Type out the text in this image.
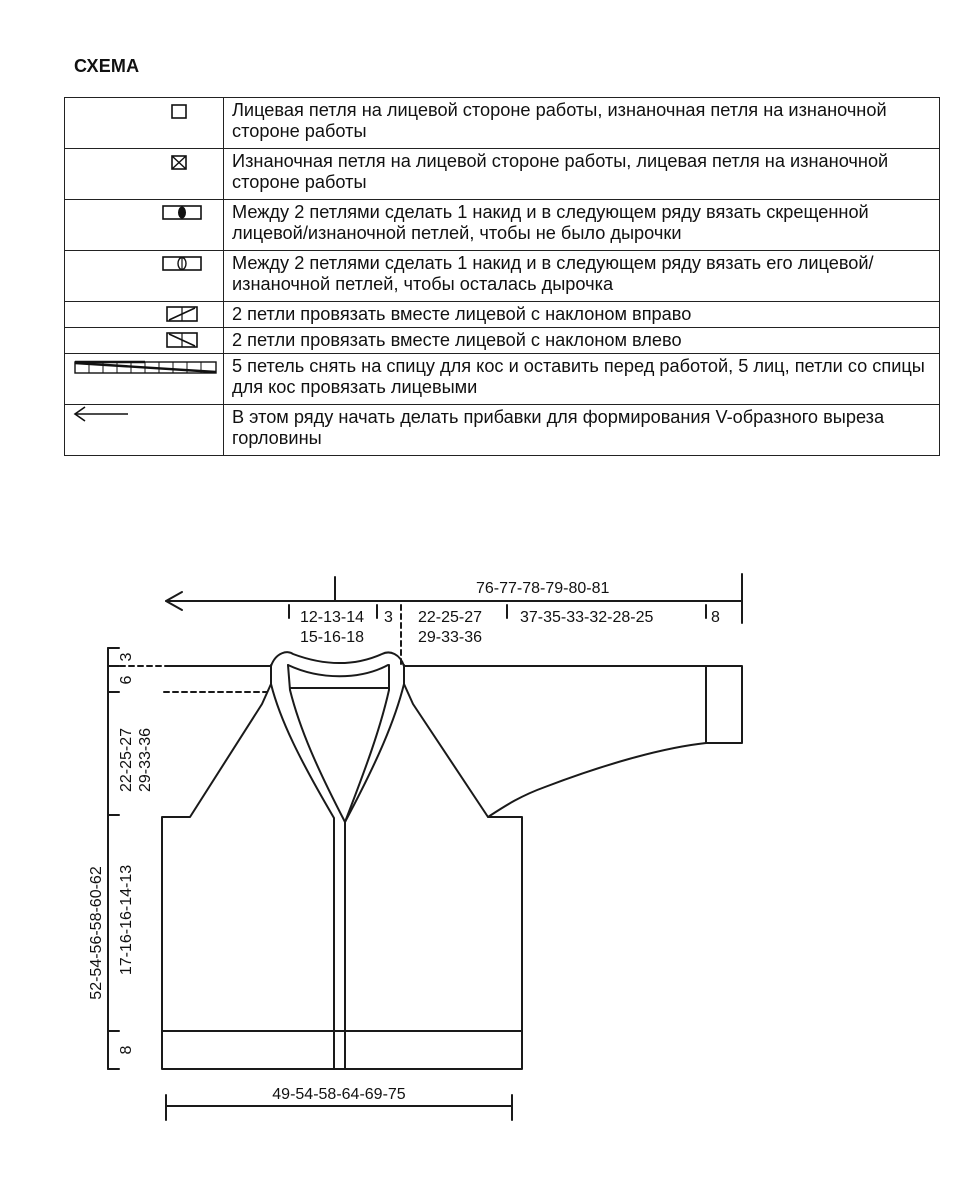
СХЕМА
	Лицевая петля на лицевой стороне работы, изнаночная петля на изнаночной стороне работы

	Изнаночная петля на лицевой стороне работы, лицевая петля на изнаночной стороне работы

	Между 2 петлями сделать 1 накид и в следующем ряду вязать скрещенной лицевой/изнаночной петлей, чтобы не было дырочки

	Между 2 петлями сделать 1 накид и в следующем ряду вязать его лицевой/изнаночной петлей, чтобы осталась дырочка

	2 петли провязать вместе лицевой с наклоном вправо

	2 петли провязать вместе лицевой с наклоном влево

	5 петель снять на спицу для кос и оставить перед работой, 5 лиц, петли со спицы для кос провязать лицевыми

	В этом ряду начать делать прибавки для формирования V-образного выреза горловины
76-77-78-79-80-81
12-13-14
15-16-18
3 22-25-27
29-33-36
37-35-33-32-28-25	8
52-54-56-58-60-62
22-25-27 29-33-36
3
6
17-16-16-14-13
8
49-54-58-64-69-75
